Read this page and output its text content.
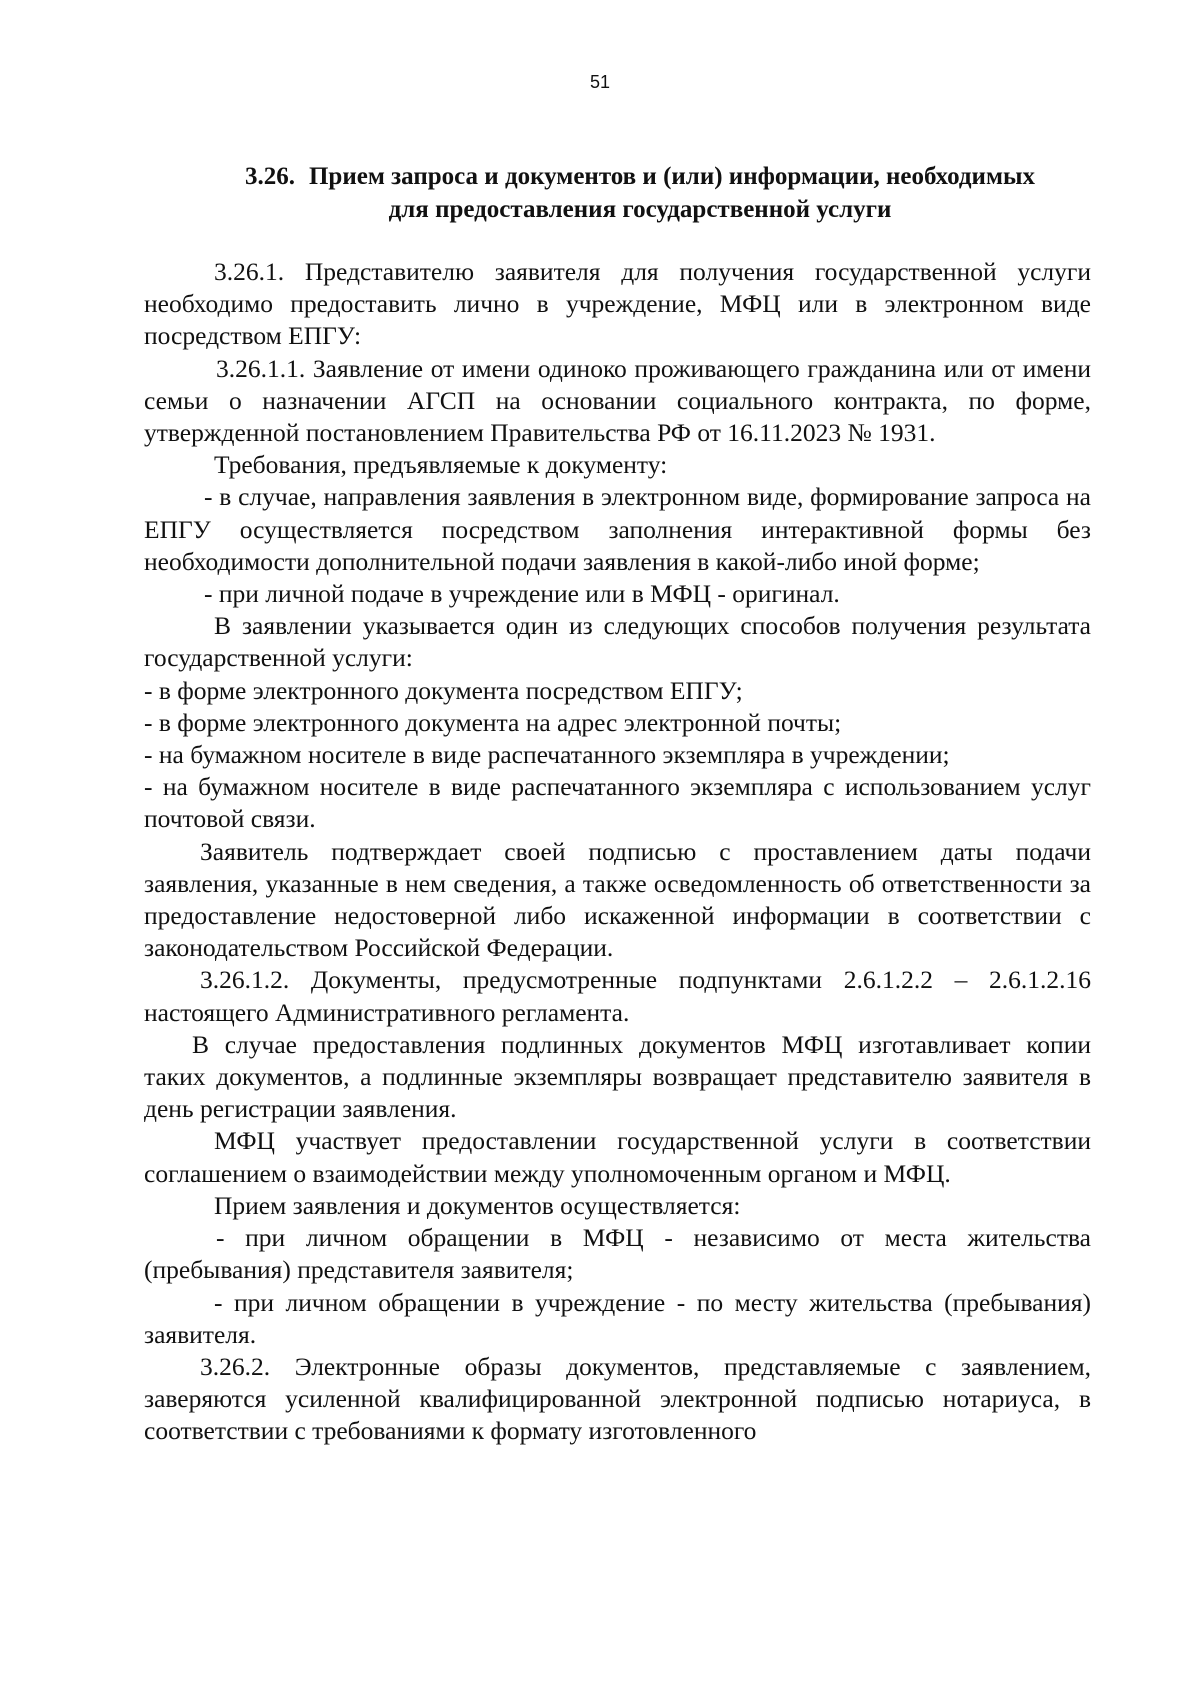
51
3.26. Прием запроса и документов и (или) информации, необходимых
для предоставления государственной услуги

3.26.1. Представителю заявителя для получения государственной услуги необходимо предоставить лично в учреждение, МФЦ или в электронном виде посредством ЕПГУ:

3.26.1.1. Заявление от имени одиноко проживающего гражданина или от имени семьи о назначении АГСП на основании социального контракта, по форме, утвержденной постановлением Правительства РФ от 16.11.2023 № 1931.

Требования, предъявляемые к документу:

- в случае, направления заявления в электронном виде, формирование запроса на ЕПГУ осуществляется посредством заполнения интерактивной формы без необходимости дополнительной подачи заявления в какой-либо иной форме;

- при личной подаче в учреждение или в МФЦ - оригинал.

В заявлении указывается один из следующих способов получения результата государственной услуги:

- в форме электронного документа посредством ЕПГУ;

- в форме электронного документа на адрес электронной почты;

- на бумажном носителе в виде распечатанного экземпляра в учреждении;

- на бумажном носителе в виде распечатанного экземпляра с использованием услуг почтовой связи.

Заявитель подтверждает своей подписью с проставлением даты подачи заявления, указанные в нем сведения, а также осведомленность об ответственности за предоставление недостоверной либо искаженной информации в соответствии с законодательством Российской Федерации.

3.26.1.2. Документы, предусмотренные подпунктами 2.6.1.2.2 – 2.6.1.2.16 настоящего Административного регламента.

В случае предоставления подлинных документов МФЦ изготавливает копии таких документов, а подлинные экземпляры возвращает представителю заявителя в день регистрации заявления.

МФЦ участвует предоставлении государственной услуги в соответствии соглашением о взаимодействии между уполномоченным органом и МФЦ.

Прием заявления и документов осуществляется:

- при личном обращении в МФЦ - независимо от места жительства (пребывания) представителя заявителя;

- при личном обращении в учреждение - по месту жительства (пребывания) заявителя.

3.26.2. Электронные образы документов, представляемые с заявлением, заверяются усиленной квалифицированной электронной подписью нотариуса, в соответствии с требованиями к формату изготовленного
